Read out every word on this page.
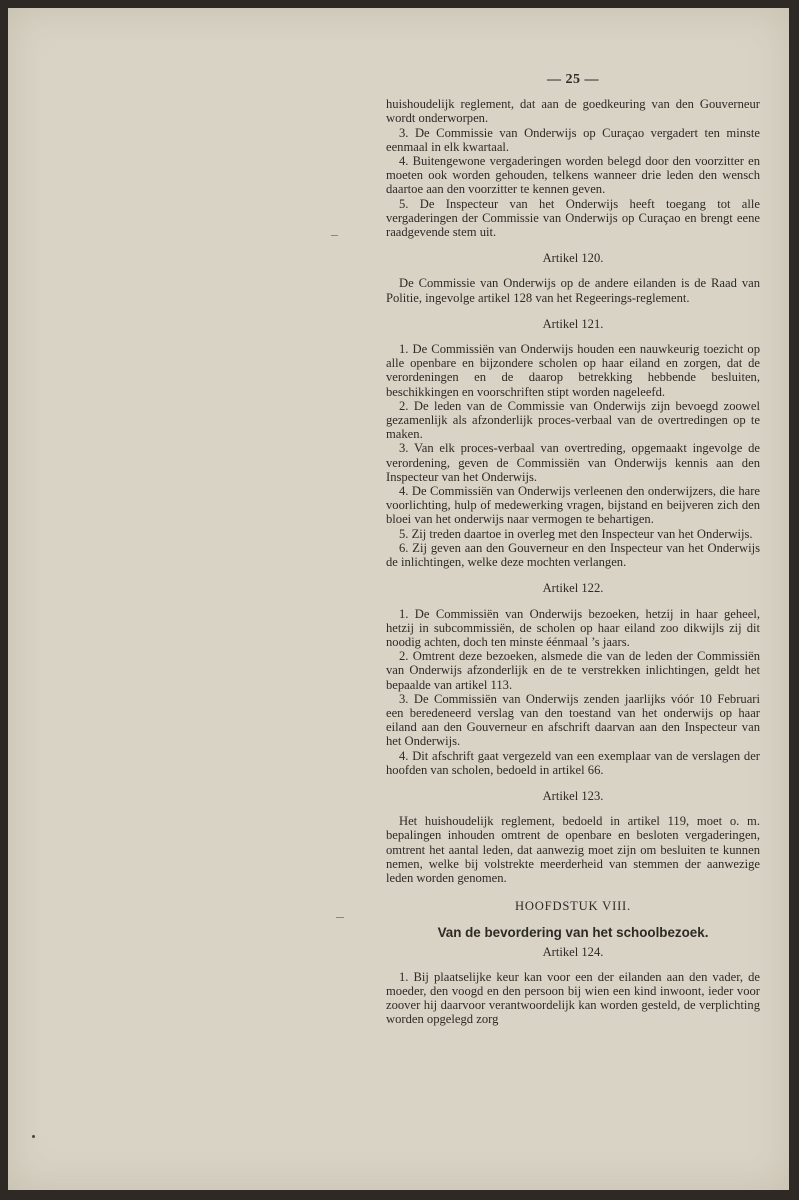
— 25 —

huishoudelijk reglement, dat aan de goedkeuring van den Gouverneur wordt onderworpen.

3. De Commissie van Onderwijs op Curaçao vergadert ten minste eenmaal in elk kwartaal.

4. Buitengewone vergaderingen worden belegd door den voorzitter en moeten ook worden gehouden, telkens wanneer drie leden den wensch daartoe aan den voorzitter te kennen geven.

5. De Inspecteur van het Onderwijs heeft toegang tot alle vergaderingen der Commissie van Onderwijs op Curaçao en brengt eene raadgevende stem uit.

Artikel 120.

De Commissie van Onderwijs op de andere eilanden is de Raad van Politie, ingevolge artikel 128 van het Regeerings-reglement.

Artikel 121.

1. De Commissiën van Onderwijs houden een nauwkeurig toezicht op alle openbare en bijzondere scholen op haar eiland en zorgen, dat de verordeningen en de daarop betrekking hebbende besluiten, beschikkingen en voorschriften stipt worden nageleefd.

2. De leden van de Commissie van Onderwijs zijn bevoegd zoowel gezamenlijk als afzonderlijk proces-verbaal van de overtredingen op te maken.

3. Van elk proces-verbaal van overtreding, opgemaakt ingevolge de verordening, geven de Commissiën van Onderwijs kennis aan den Inspecteur van het Onderwijs.

4. De Commissiën van Onderwijs verleenen den onderwijzers, die hare voorlichting, hulp of medewerking vragen, bijstand en beijveren zich den bloei van het onderwijs naar vermogen te behartigen.

5. Zij treden daartoe in overleg met den Inspecteur van het Onderwijs.

6. Zij geven aan den Gouverneur en den Inspecteur van het Onderwijs de inlichtingen, welke deze mochten verlangen.

Artikel 122.

1. De Commissiën van Onderwijs bezoeken, hetzij in haar geheel, hetzij in subcommissiën, de scholen op haar eiland zoo dikwijls zij dit noodig achten, doch ten minste éénmaal ’s jaars.

2. Omtrent deze bezoeken, alsmede die van de leden der Commissiën van Onderwijs afzonderlijk en de te verstrekken inlichtingen, geldt het bepaalde van artikel 113.

3. De Commissiën van Onderwijs zenden jaarlijks vóór 10 Februari een beredeneerd verslag van den toestand van het onderwijs op haar eiland aan den Gouverneur en afschrift daarvan aan den Inspecteur van het Onderwijs.

4. Dit afschrift gaat vergezeld van een exemplaar van de verslagen der hoofden van scholen, bedoeld in artikel 66.

Artikel 123.

Het huishoudelijk reglement, bedoeld in artikel 119, moet o. m. bepalingen inhouden omtrent de openbare en besloten vergaderingen, omtrent het aantal leden, dat aanwezig moet zijn om besluiten te kunnen nemen, welke bij volstrekte meerderheid van stemmen der aanwezige leden worden genomen.

HOOFDSTUK VIII.
Van de bevordering van het schoolbezoek.
Artikel 124.

1. Bij plaatselijke keur kan voor een der eilanden aan den vader, de moeder, den voogd en den persoon bij wien een kind inwoont, ieder voor zoover hij daarvoor verantwoordelijk kan worden gesteld, de verplichting worden opgelegd zorg
